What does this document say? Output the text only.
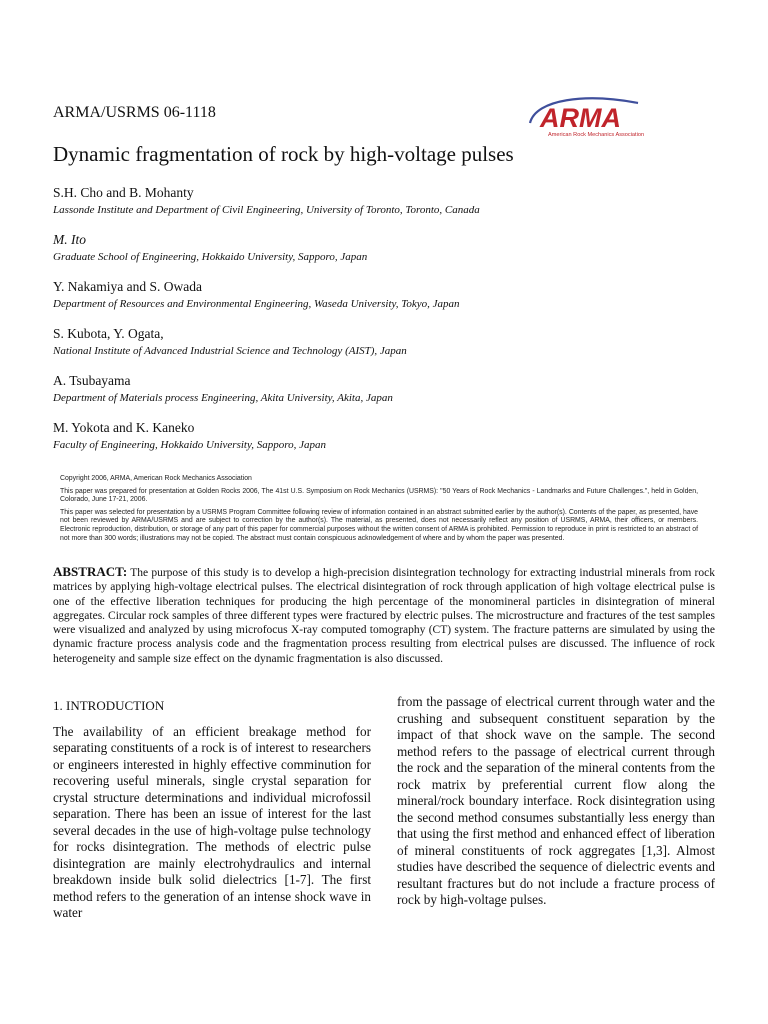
ARMA/USRMS 06-1118	ARMA
American Rock Mechanics Association
Dynamic fragmentation of rock by high-voltage pulses

S.H. Cho and B. Mohanty

Lassonde Institute and Department of Civil Engineering, University of Toronto, Toronto, Canada

M. Ito

Graduate School of Engineering, Hokkaido University, Sapporo, Japan

Y. Nakamiya and S. Owada

Department of Resources and Environmental Engineering, Waseda University, Tokyo, Japan

S. Kubota, Y. Ogata,

National Institute of Advanced Industrial Science and Technology (AIST), Japan

A. Tsubayama

Department of Materials process Engineering, Akita University, Akita, Japan

M. Yokota and K. Kaneko

Faculty of Engineering, Hokkaido University, Sapporo, Japan

Copyright 2006, ARMA, American Rock Mechanics Association

This paper was prepared for presentation at Golden Rocks 2006, The 41st U.S. Symposium on Rock Mechanics (USRMS): "50 Years of Rock Mechanics - Landmarks and Future Challenges.", held in Golden, Colorado, June 17-21, 2006.

This paper was selected for presentation by a USRMS Program Committee following review of information contained in an abstract submitted earlier by the author(s). Contents of the paper, as presented, have not been reviewed by ARMA/USRMS and are subject to correction by the author(s). The material, as presented, does not necessarily reflect any position of USRMS, ARMA, their officers, or members. Electronic reproduction, distribution, or storage of any part of this paper for commercial purposes without the written consent of ARMA is prohibited. Permission to reproduce in print is restricted to an abstract of not more than 300 words; illustrations may not be copied. The abstract must contain conspicuous acknowledgement of where and by whom the paper was presented.

ABSTRACT: The purpose of this study is to develop a high-precision disintegration technology for extracting industrial minerals from rock matrices by applying high-voltage electrical pulses. The electrical disintegration of rock through application of high voltage electrical pulse is one of the effective liberation techniques for producing the high percentage of the monomineral particles in disintegration of mineral aggregates. Circular rock samples of three different types were fractured by electric pulses. The microstructure and fractures of the test samples were visualized and analyzed by using microfocus X-ray computed tomography (CT) system. The fracture patterns are simulated by using the dynamic fracture process analysis code and the fragmentation process resulting from electrical pulses are discussed. The influence of rock heterogeneity and sample size effect on the dynamic fragmentation is also discussed.

1. INTRODUCTION

The availability of an efficient breakage method for separating constituents of a rock is of interest to researchers or engineers interested in highly effective comminution for recovering useful minerals, single crystal separation for crystal structure determinations and individual microfossil separation. There has been an issue of interest for the last several decades in the use of high-voltage pulse technology for rocks disintegration. The methods of electric pulse disintegration are mainly electrohydraulics and internal breakdown inside bulk solid dielectrics [1-7]. The first method refers to the generation of an intense shock wave in water

from the passage of electrical current through water and the crushing and subsequent constituent separation by the impact of that shock wave on the sample. The second method refers to the passage of electrical current through the rock and the separation of the mineral contents from the rock matrix by preferential current flow along the mineral/rock boundary interface. Rock disintegration using the second method consumes substantially less energy than that using the first method and enhanced effect of liberation of mineral constituents of rock aggregates [1,3]. Almost studies have described the sequence of dielectric events and resultant fractures but do not include a fracture process of rock by high-voltage pulses.
